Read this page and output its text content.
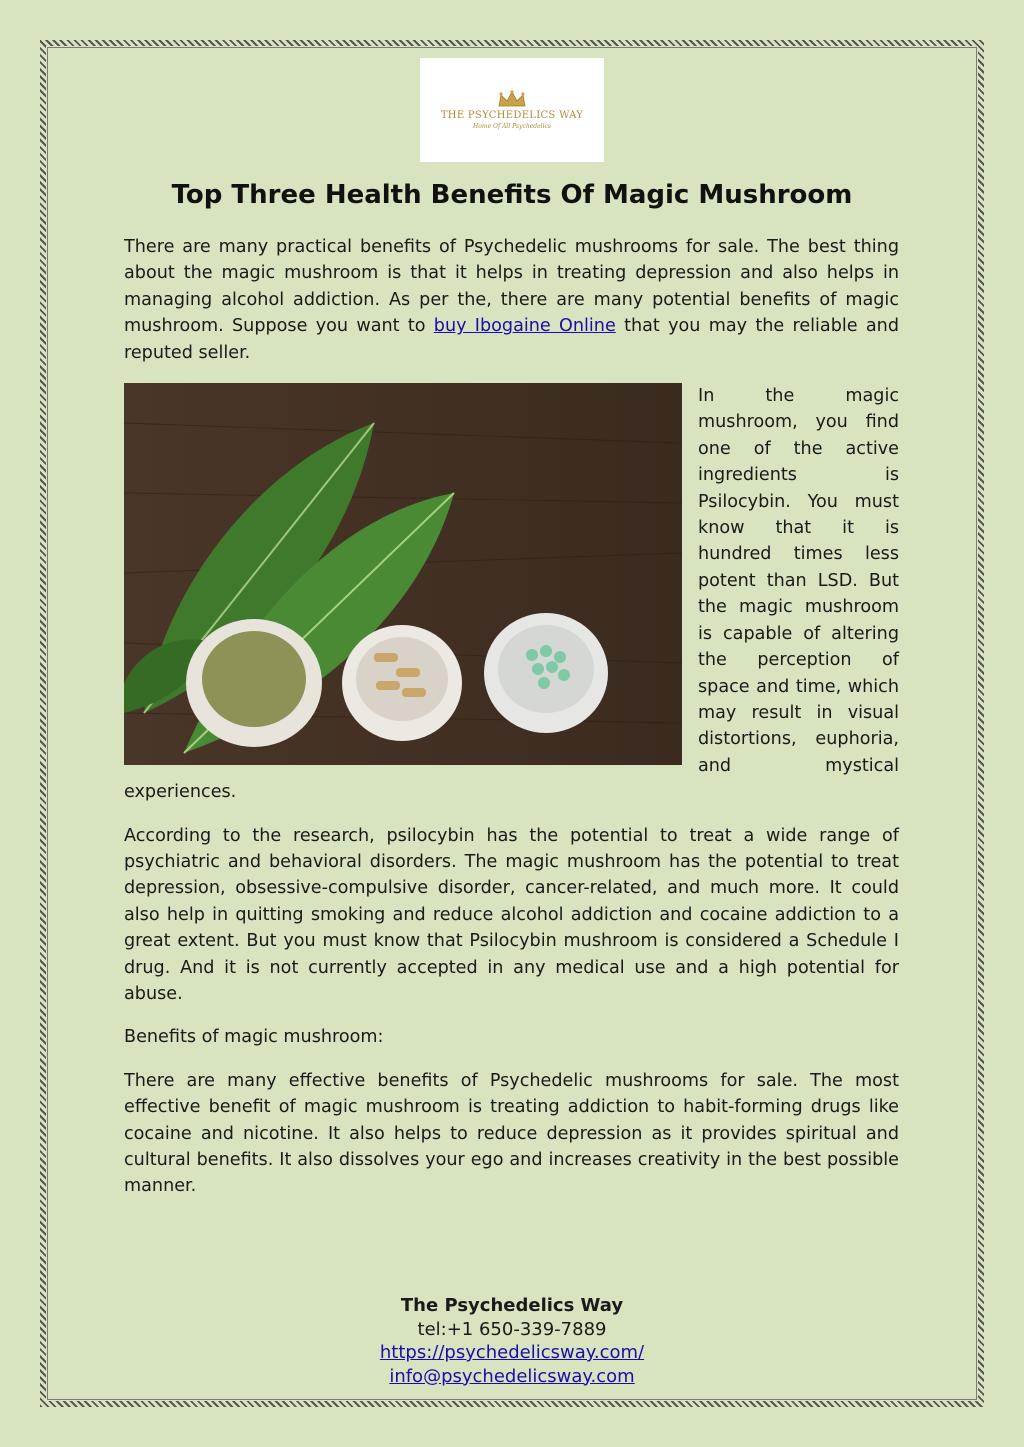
THE PSYCHEDELICS WAY
Home Of All Psychedelics
Top Three Health Benefits Of Magic Mushroom

There are many practical benefits of Psychedelic mushrooms for sale. The best thing about the magic mushroom is that it helps in treating depression and also helps in managing alcohol addiction. As per the, there are many potential benefits of magic mushroom. Suppose you want to buy Ibogaine Online that you may the reliable and reputed seller.

In the magic mushroom, you find one of the active ingredients is Psilocybin. You must know that it is hundred times less potent than LSD. But the magic mushroom is capable of altering the perception of space and time, which may result in visual distortions, euphoria, and mystical experiences.

According to the research, psilocybin has the potential to treat a wide range of psychiatric and behavioral disorders. The magic mushroom has the potential to treat depression, obsessive-compulsive disorder, cancer-related, and much more. It could also help in quitting smoking and reduce alcohol addiction and cocaine addiction to a great extent. But you must know that Psilocybin mushroom is considered a Schedule I drug. And it is not currently accepted in any medical use and a high potential for abuse.

Benefits of magic mushroom:

There are many effective benefits of Psychedelic mushrooms for sale. The most effective benefit of magic mushroom is treating addiction to habit-forming drugs like cocaine and nicotine. It also helps to reduce depression as it provides spiritual and cultural benefits. It also dissolves your ego and increases creativity in the best possible manner.

The Psychedelics Way
tel:+1 650-339-7889
https://psychedelicsway.com/
info@psychedelicsway.com
